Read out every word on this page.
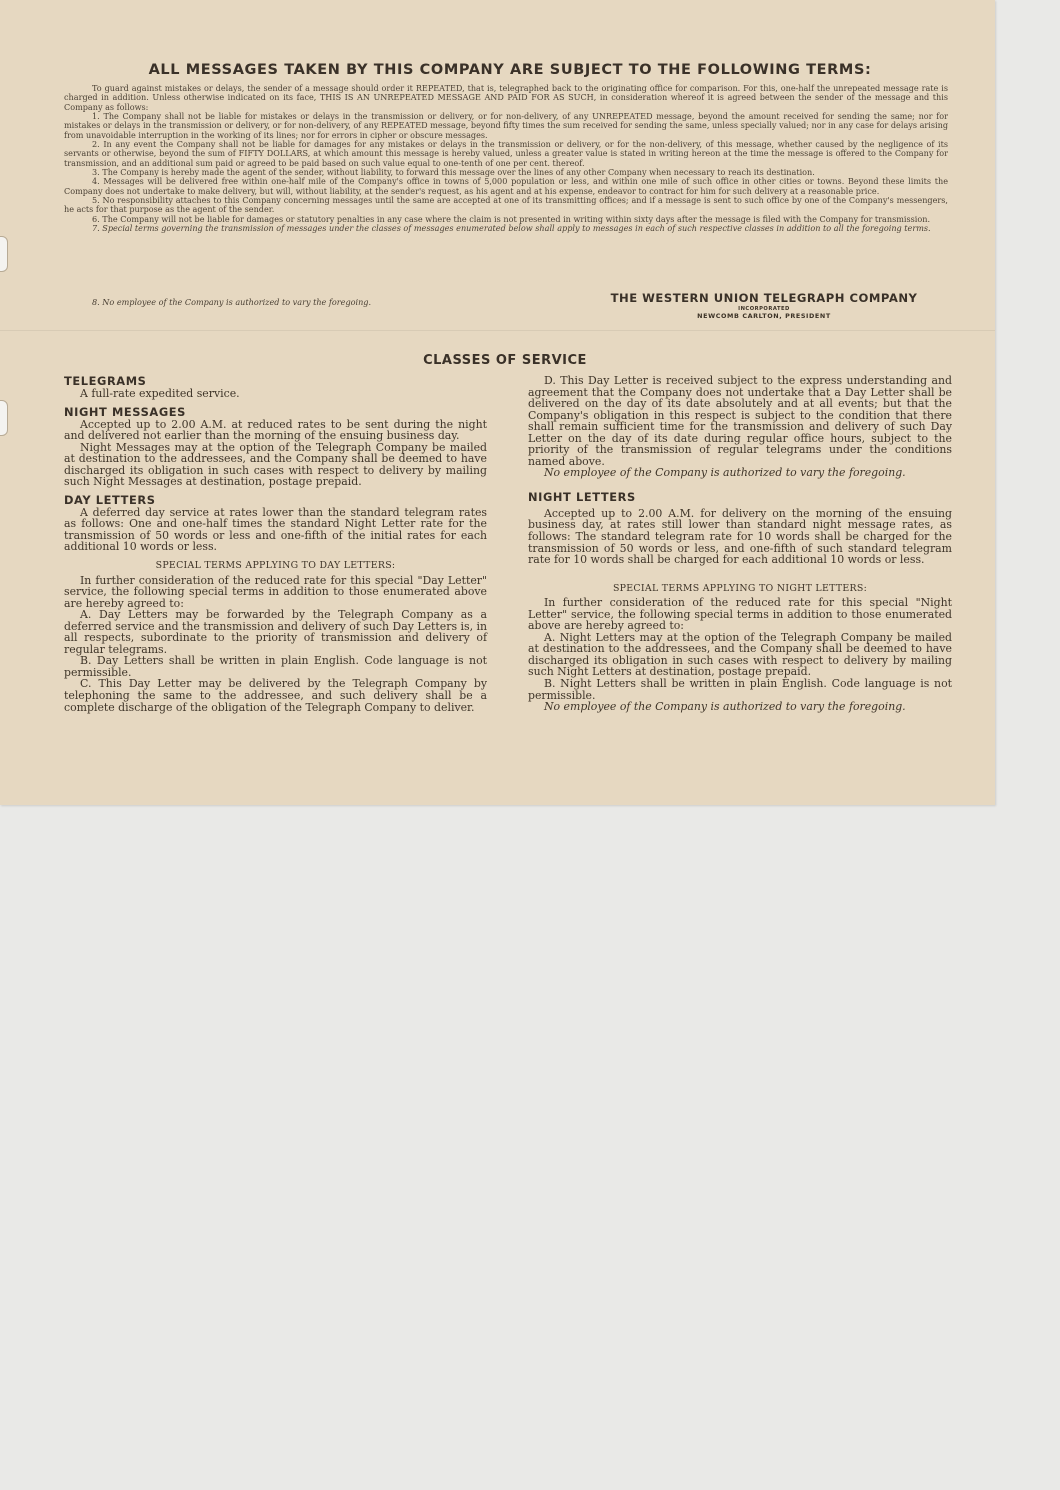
ALL MESSAGES TAKEN BY THIS COMPANY ARE SUBJECT TO THE FOLLOWING TERMS:

To guard against mistakes or delays, the sender of a message should order it REPEATED, that is, telegraphed back to the originating office for comparison. For this, one-half the unrepeated message rate is charged in addition. Unless otherwise indicated on its face, THIS IS AN UNREPEATED MESSAGE AND PAID FOR AS SUCH, in consideration whereof it is agreed between the sender of the message and this Company as follows:

1. The Company shall not be liable for mistakes or delays in the transmission or delivery, or for non-delivery, of any UNREPEATED message, beyond the amount received for sending the same; nor for mistakes or delays in the transmission or delivery, or for non-delivery, of any REPEATED message, beyond fifty times the sum received for sending the same, unless specially valued; nor in any case for delays arising from unavoidable interruption in the working of its lines; nor for errors in cipher or obscure messages.

2. In any event the Company shall not be liable for damages for any mistakes or delays in the transmission or delivery, or for the non-delivery, of this message, whether caused by the negligence of its servants or otherwise, beyond the sum of FIFTY DOLLARS, at which amount this message is hereby valued, unless a greater value is stated in writing hereon at the time the message is offered to the Company for transmission, and an additional sum paid or agreed to be paid based on such value equal to one-tenth of one per cent. thereof.

3. The Company is hereby made the agent of the sender, without liability, to forward this message over the lines of any other Company when necessary to reach its destination.

4. Messages will be delivered free within one-half mile of the Company's office in towns of 5,000 population or less, and within one mile of such office in other cities or towns. Beyond these limits the Company does not undertake to make delivery, but will, without liability, at the sender's request, as his agent and at his expense, endeavor to contract for him for such delivery at a reasonable price.

5. No responsibility attaches to this Company concerning messages until the same are accepted at one of its transmitting offices; and if a message is sent to such office by one of the Company's messengers, he acts for that purpose as the agent of the sender.

6. The Company will not be liable for damages or statutory penalties in any case where the claim is not presented in writing within sixty days after the message is filed with the Company for transmission.

7. Special terms governing the transmission of messages under the classes of messages enumerated below shall apply to messages in each of such respective classes in addition to all the foregoing terms.

8. No employee of the Company is authorized to vary the foregoing.	THE WESTERN UNION TELEGRAPH COMPANY
INCORPORATED
NEWCOMB CARLTON, PRESIDENT
CLASSES OF SERVICE
TELEGRAMS

A full-rate expedited service.

NIGHT MESSAGES

Accepted up to 2.00 A.M. at reduced rates to be sent during the night and delivered not earlier than the morning of the ensuing business day.

Night Messages may at the option of the Telegraph Company be mailed at destination to the addressees, and the Company shall be deemed to have discharged its obligation in such cases with respect to delivery by mailing such Night Messages at destination, postage prepaid.

DAY LETTERS

A deferred day service at rates lower than the standard telegram rates as follows: One and one-half times the standard Night Letter rate for the transmission of 50 words or less and one-fifth of the initial rates for each additional 10 words or less.

SPECIAL TERMS APPLYING TO DAY LETTERS:

In further consideration of the reduced rate for this special "Day Letter" service, the following special terms in addition to those enumerated above are hereby agreed to:

A. Day Letters may be forwarded by the Telegraph Company as a deferred service and the transmission and delivery of such Day Letters is, in all respects, subordinate to the priority of transmission and delivery of regular telegrams.

B. Day Letters shall be written in plain English. Code language is not permissible.

C. This Day Letter may be delivered by the Telegraph Company by telephoning the same to the addressee, and such delivery shall be a complete discharge of the obligation of the Telegraph Company to deliver.

D. This Day Letter is received subject to the express understanding and agreement that the Company does not undertake that a Day Letter shall be delivered on the day of its date absolutely and at all events; but that the Company's obligation in this respect is subject to the condition that there shall remain sufficient time for the transmission and delivery of such Day Letter on the day of its date during regular office hours, subject to the priority of the transmission of regular telegrams under the conditions named above.

No employee of the Company is authorized to vary the foregoing.

NIGHT LETTERS

Accepted up to 2.00 A.M. for delivery on the morning of the ensuing business day, at rates still lower than standard night message rates, as follows: The standard telegram rate for 10 words shall be charged for the transmission of 50 words or less, and one-fifth of such standard telegram rate for 10 words shall be charged for each additional 10 words or less.

SPECIAL TERMS APPLYING TO NIGHT LETTERS:

In further consideration of the reduced rate for this special "Night Letter" service, the following special terms in addition to those enumerated above are hereby agreed to:

A. Night Letters may at the option of the Telegraph Company be mailed at destination to the addressees, and the Company shall be deemed to have discharged its obligation in such cases with respect to delivery by mailing such Night Letters at destination, postage prepaid.

B. Night Letters shall be written in plain English. Code language is not permissible.

No employee of the Company is authorized to vary the foregoing.
